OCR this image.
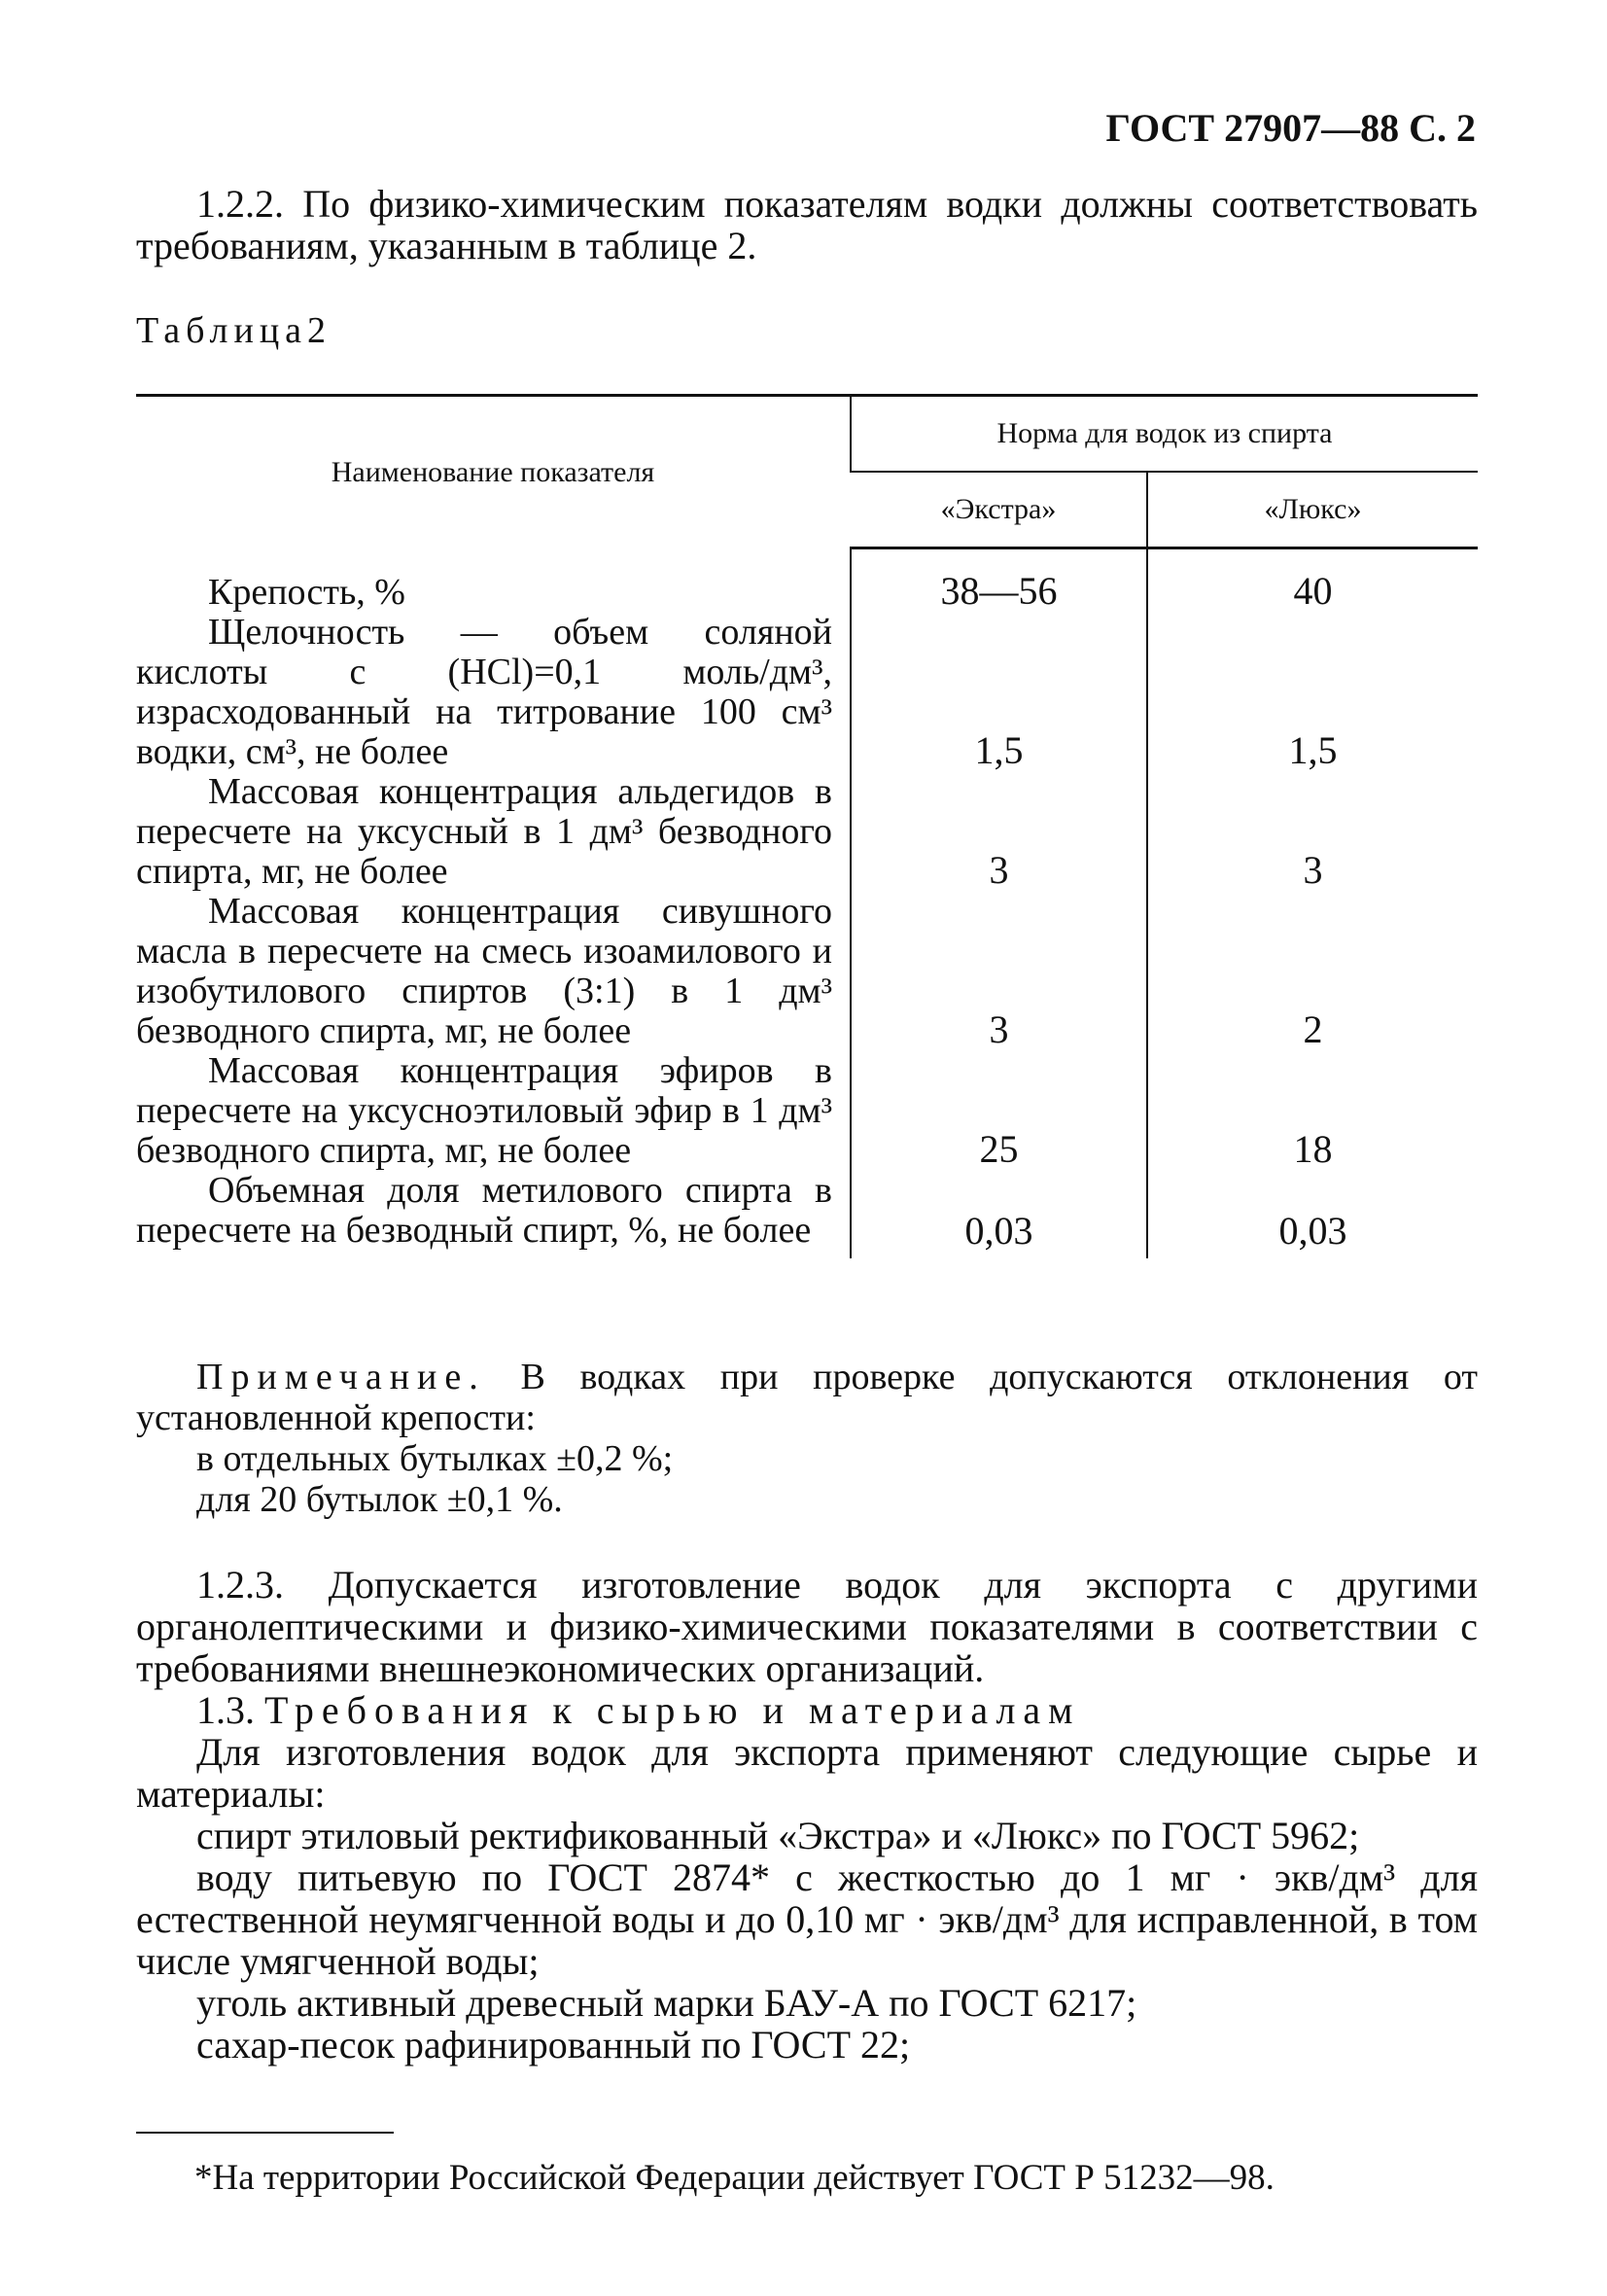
ГОСТ 27907—88 С. 2

1.2.2. По физико-химическим показателям водки должны соответствовать требованиям, указанным в таблице 2.

Таблица2
Наименование показателя	Норма для водок из спирта	
	«Экстра»	«Люкс»
Крепость, %	38—56	40
Щелочность — объем соляной кислоты c (HCl)=0,1 моль/дм³, израсходованный на титрование 100 см³ водки, см³, не более	1,5	1,5
Массовая концентрация альдегидов в пересчете на уксусный в 1 дм³ безводного спирта, мг, не более	3	3
Массовая концентрация сивушного масла в пересчете на смесь изоамилового и изобутилового спиртов (3:1) в 1 дм³ безводного спирта, мг, не более	3	2
Массовая концентрация эфиров в пересчете на уксусноэтиловый эфир в 1 дм³ безводного спирта, мг, не более	25	18
Объемная доля метилового спирта в пересчете на безводный спирт, %, не более	0,03	0,03

Примечание. В водках при проверке допускаются отклонения от установленной крепости:

в отдельных бутылках ±0,2 %;

для 20 бутылок ±0,1 %.

1.2.3. Допускается изготовление водок для экспорта с другими органолептическими и физико-химическими показателями в соответствии с требованиями внешнеэкономических организаций.

1.3. Требования к сырью и материалам

Для изготовления водок для экспорта применяют следующие сырье и материалы:

спирт этиловый ректификованный «Экстра» и «Люкс» по ГОСТ 5962;

воду питьевую по ГОСТ 2874* с жесткостью до 1 мг · экв/дм³ для естественной неумягченной воды и до 0,10 мг · экв/дм³ для исправленной, в том числе умягченной воды;

уголь активный древесный марки БАУ-А по ГОСТ 6217;

сахар-песок рафинированный по ГОСТ 22;

*На территории Российской Федерации действует ГОСТ Р 51232—98.
